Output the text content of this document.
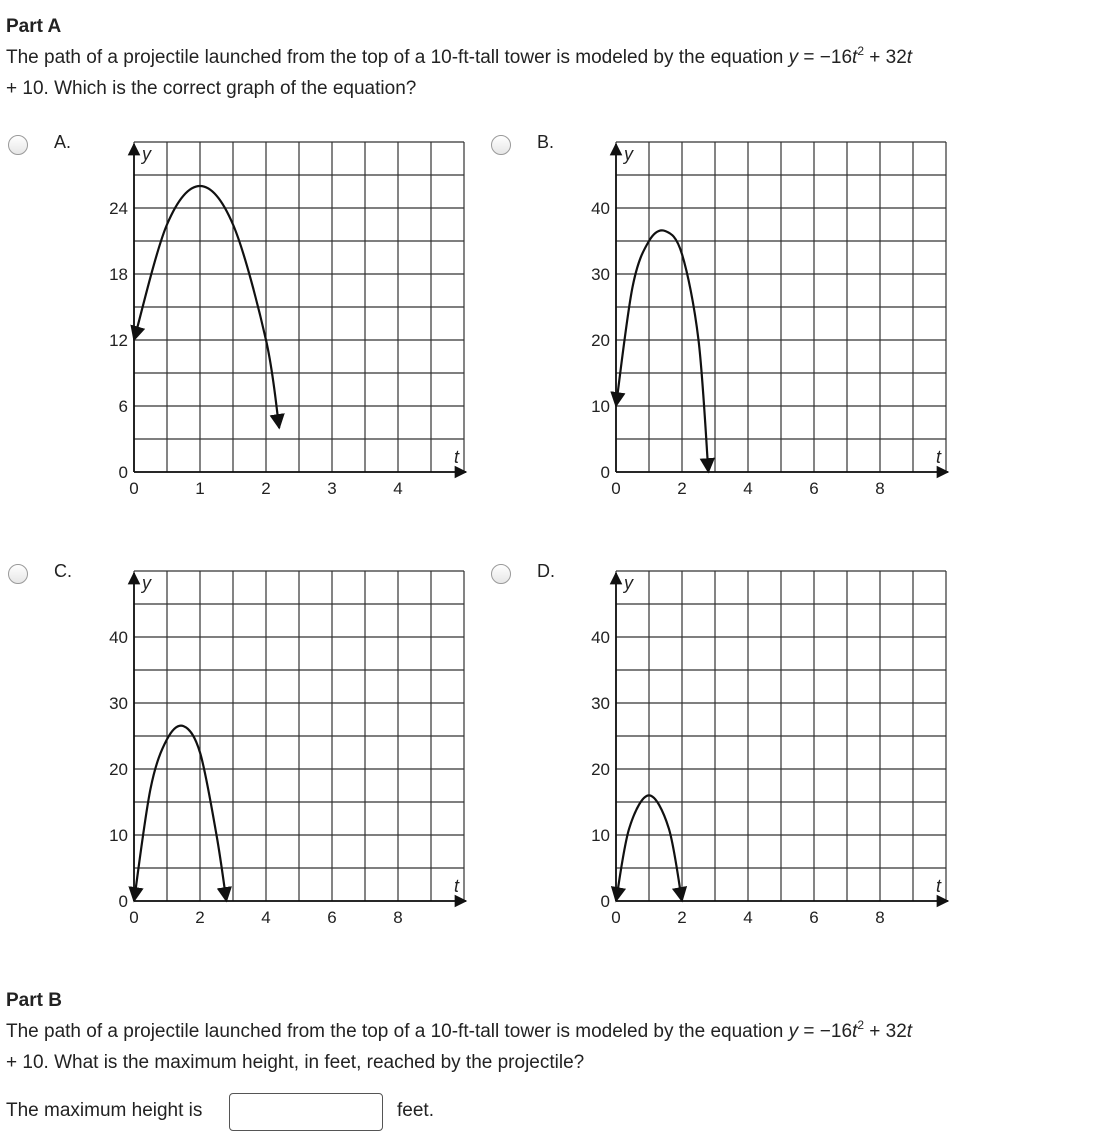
Part A
The path of a projectile launched from the top of a 10-ft-tall tower is modeled by the equation $y = -16t^2 + 32t$
+ 10. Which is the correct graph of the equation?
A.	B.
C.	D.
y
t
0	1	2	3	4
0
6
12
18
24
y
t
0	2	4	6	8
0
10
20
30
40
y
t
0	2	4	6	8
0
10
20
30
40
y
t
0	2	4	6	8
0
10
20
30
40
Part B
The path of a projectile launched from the top of a 10-ft-tall tower is modeled by the equation $y = -16t^2 + 32t$
+ 10. What is the maximum height, in feet, reached by the projectile?
The maximum height is	feet.
